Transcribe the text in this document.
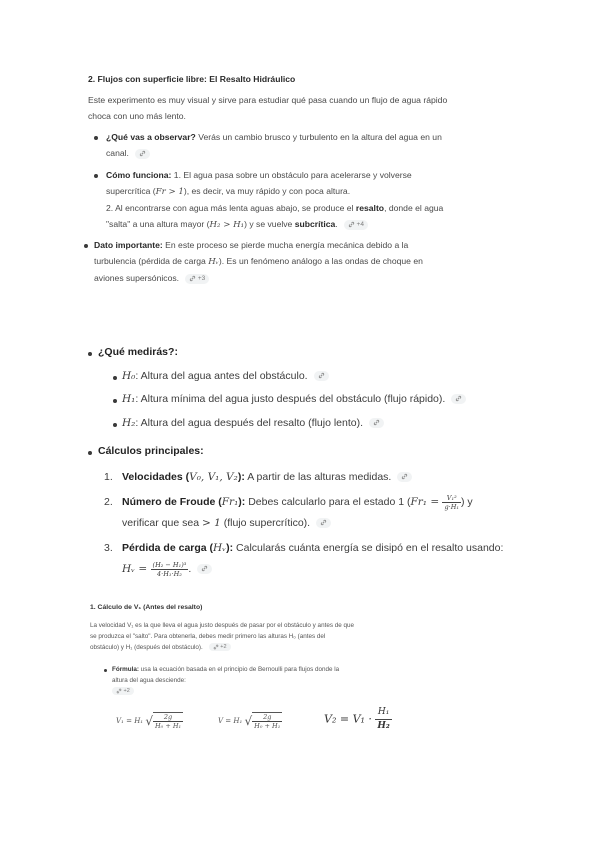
2. Flujos con superficie libre: El Resalto Hidráulico
Este experimento es muy visual y sirve para estudiar qué pasa cuando un flujo de agua rápido
choca con uno más lento.
¿Qué vas a observar? Verás un cambio brusco y turbulento en la altura del agua en un
canal.
Cómo funciona: 1. El agua pasa sobre un obstáculo para acelerarse y volverse
supercrítica (Fr > 1), es decir, va muy rápido y con poca altura.
2. Al encontrarse con agua más lenta aguas abajo, se produce el resalto, donde el agua
"salta" a una altura mayor (H₂ > H₁) y se vuelve subcrítica.	+4
Dato importante: En este proceso se pierde mucha energía mecánica debido a la
turbulencia (pérdida de carga Hᵥ). Es un fenómeno análogo a las ondas de choque en
aviones supersónicos.	+3
¿Qué medirás?:
H₀: Altura del agua antes del obstáculo.
H₁: Altura mínima del agua justo después del obstáculo (flujo rápido).
H₂: Altura del agua después del resalto (flujo lento).
Cálculos principales:
1. Velocidades (V₀, V₁, V₂): A partir de las alturas medidas.
2. Número de Froude (Fr₁): Debes calcularlo para el estado 1 ($Fr_1 = \frac{\text{V₁²}}{\text{g·H₁}}$ ) y
verificar que sea > 1 (flujo supercrítico).
3. Pérdida de carga (Hᵥ): Calcularás cuánta energía se disipó en el resalto usando:
Hᵥ = $\frac{\text{(H₂ − H₁)³}}{\text{4·H₁·H₂}}$ .
1. Cálculo de V₁ (Antes del resalto)
La velocidad V₁ es la que lleva el agua justo después de pasar por el obstáculo y antes de que
se produzca el "salto". Para obtenerla, debes medir primero las alturas H₀ (antes del
obstáculo) y H₁ (después del obstáculo).	+2
Fórmula: usa la ecuación basada en el principio de Bernoulli para flujos donde la
altura del agua desciende:
+2
V₁ = H₁ √ $\frac{2g}{\text{H₀ + H₁}}$	V = H₁ √ $\frac{2g}{\text{H₀ + H₁}}$	$V_2 = V_1 \cdot \frac{\text{H₁}}{\text{H₂}}$
